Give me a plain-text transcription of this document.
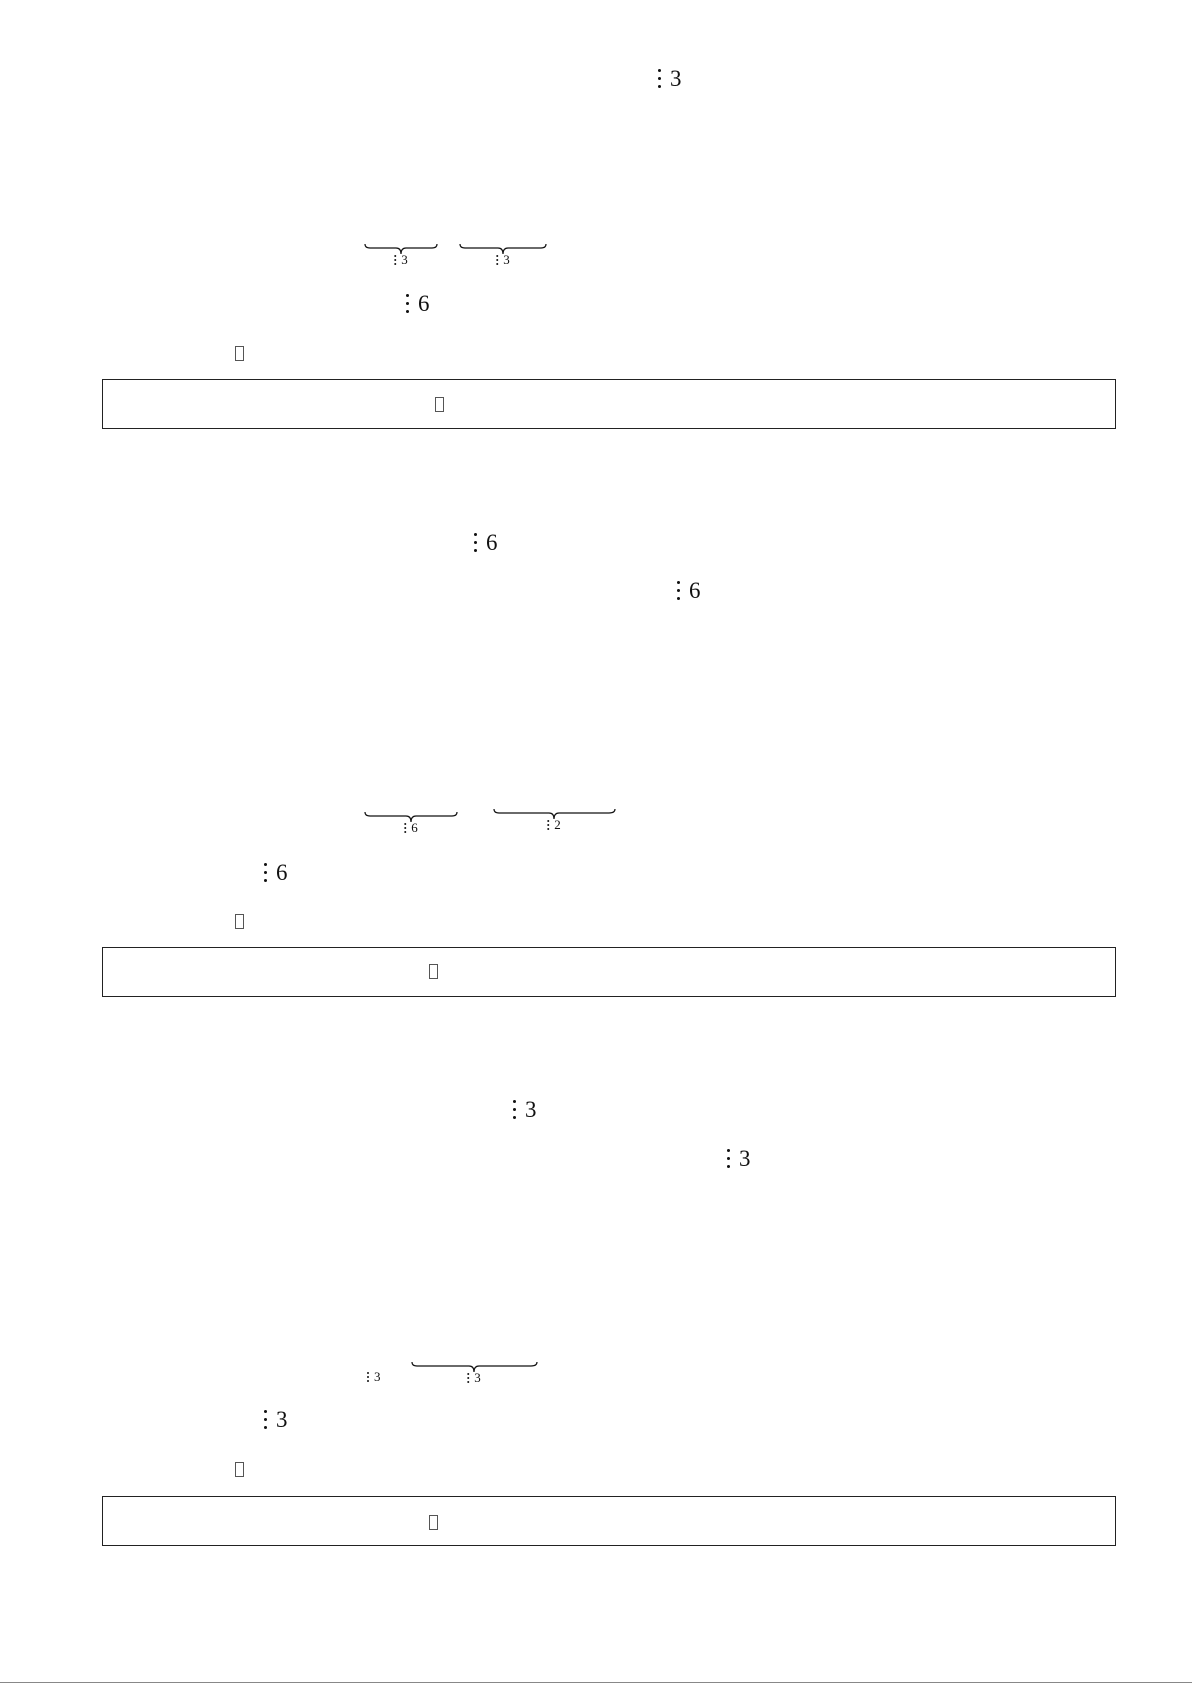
3
3	3
6
6
6
6	2
6
3
3
3	3
3
